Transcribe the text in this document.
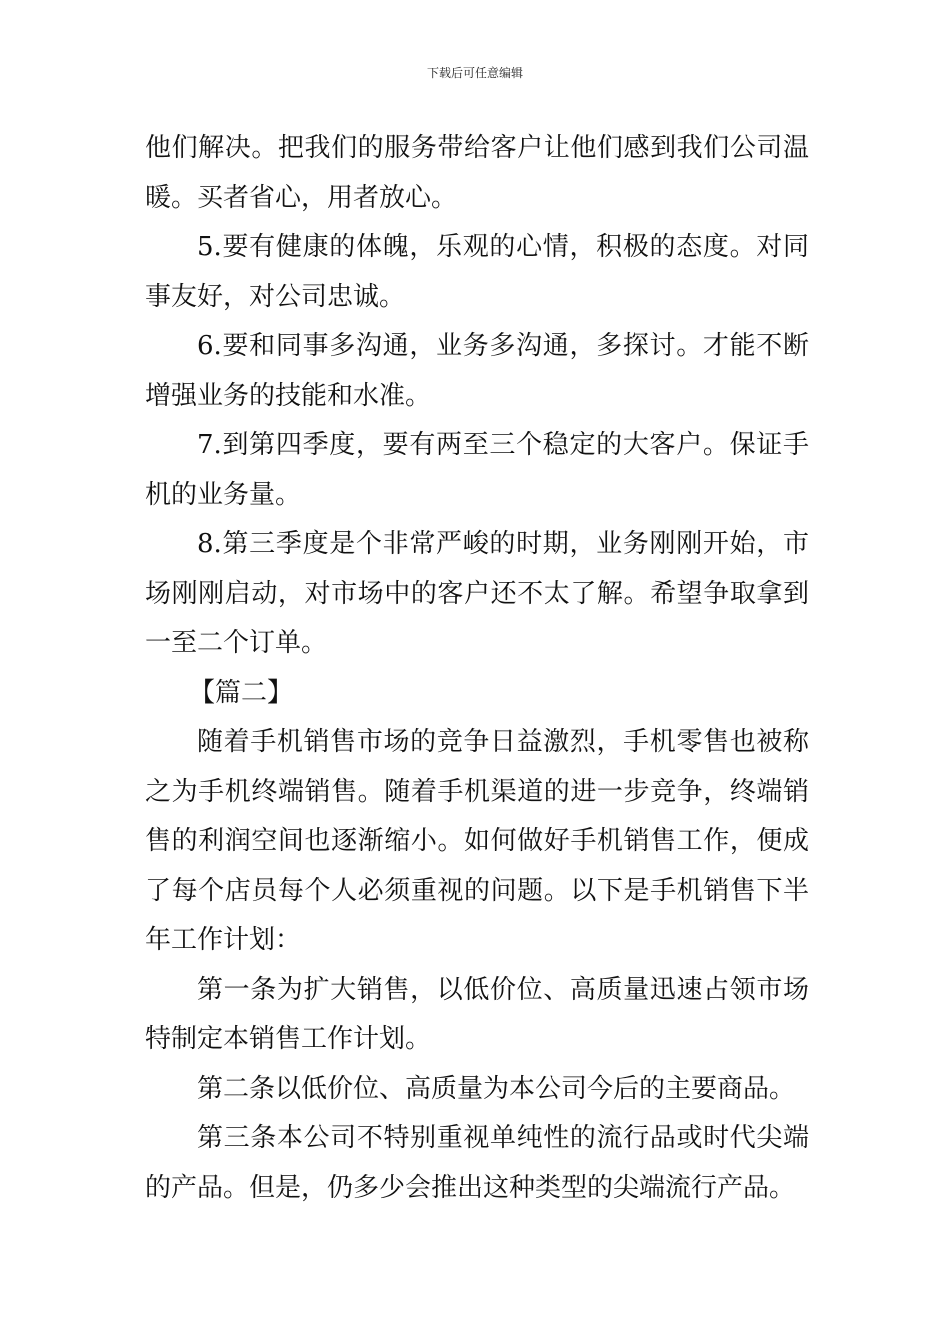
下载后可任意编辑

他们解决。把我们的服务带给客户让他们感到我们公司温暖。买者省心，用者放心。

5.要有健康的体魄，乐观的心情，积极的态度。对同事友好，对公司忠诚。

6.要和同事多沟通，业务多沟通，多探讨。才能不断增强业务的技能和水准。

7.到第四季度，要有两至三个稳定的大客户。保证手机的业务量。

8.第三季度是个非常严峻的时期，业务刚刚开始，市场刚刚启动，对市场中的客户还不太了解。希望争取拿到一至二个订单。

【篇二】

随着手机销售市场的竞争日益激烈，手机零售也被称之为手机终端销售。随着手机渠道的进一步竞争，终端销售的利润空间也逐渐缩小。如何做好手机销售工作，便成了每个店员每个人必须重视的问题。以下是手机销售下半年工作计划：

第一条为扩大销售，以低价位、高质量迅速占领市场特制定本销售工作计划。

第二条以低价位、高质量为本公司今后的主要商品。

第三条本公司不特别重视单纯性的流行品或时代尖端的产品。但是，仍多少会推出这种类型的尖端流行产品。
